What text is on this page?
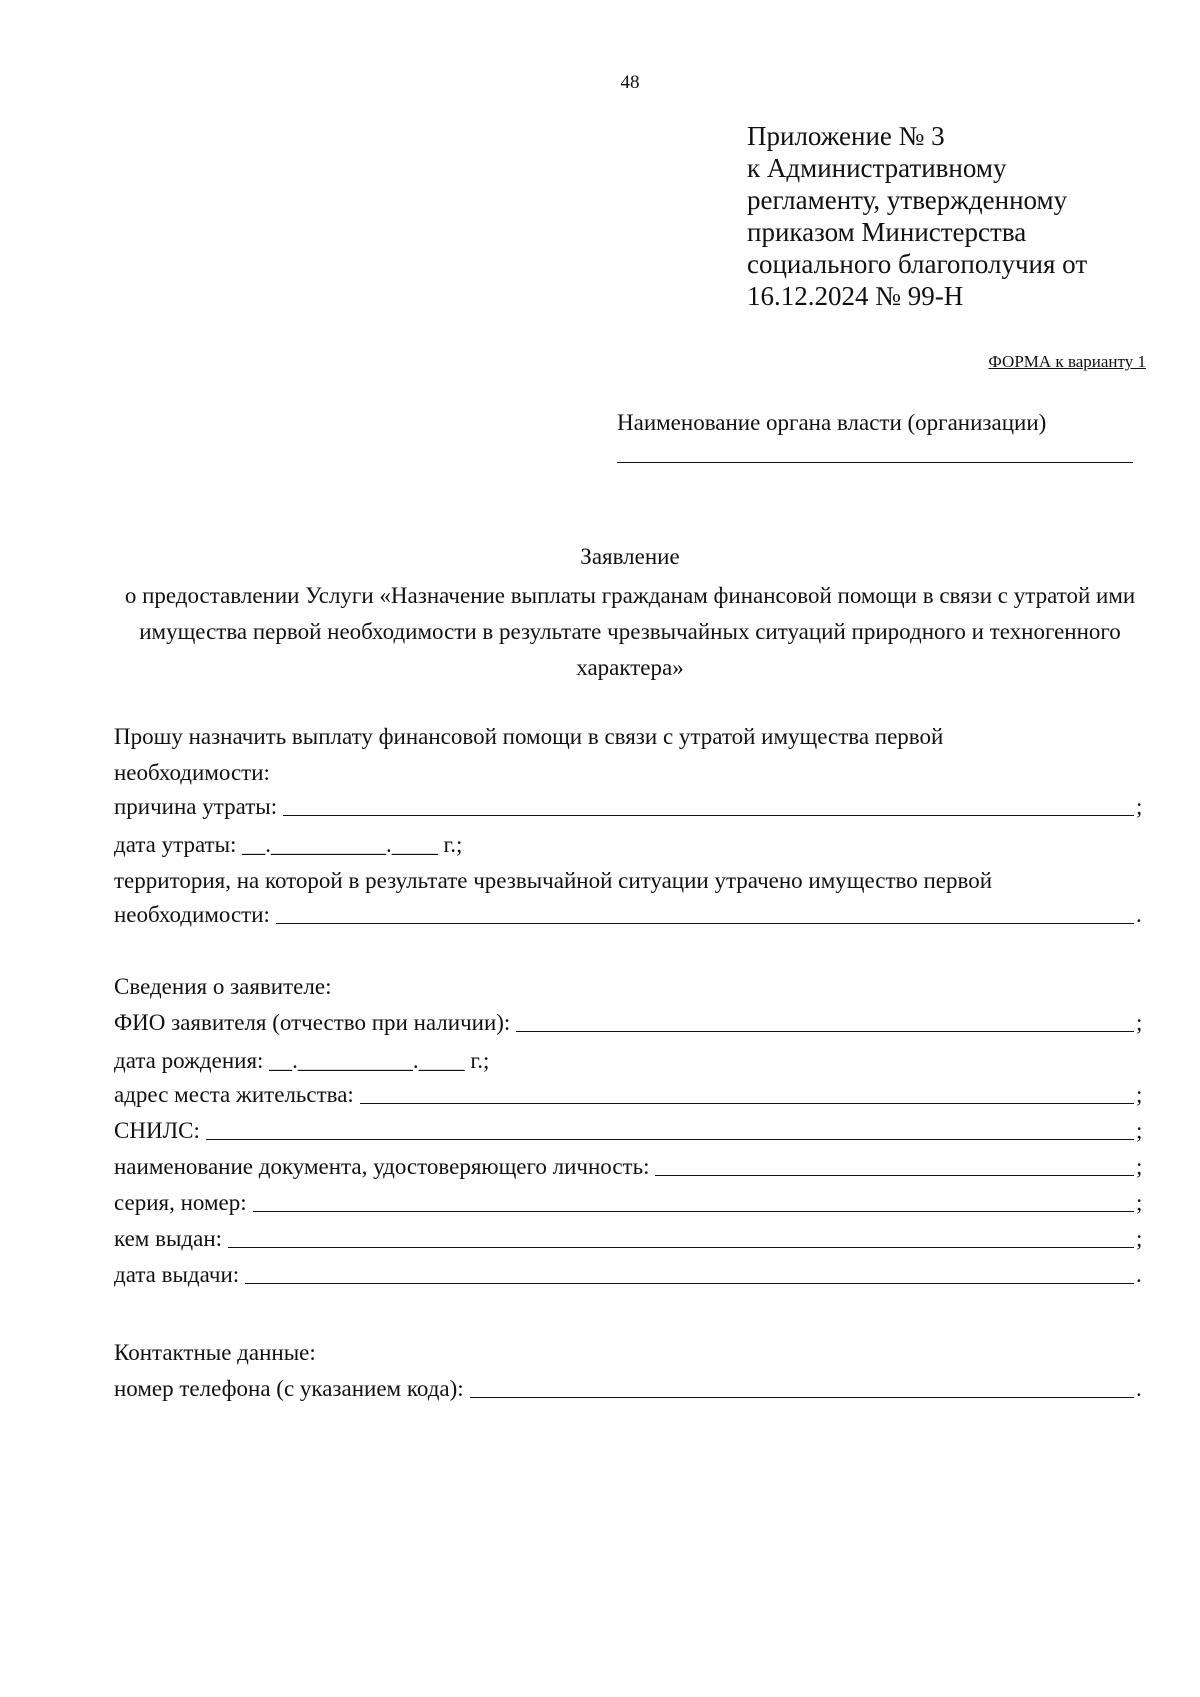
48
Приложение № 3
к Административному
регламенту, утвержденному
приказом Министерства
социального благополучия от
16.12.2024 № 99-Н
ФОРМА к варианту 1
Наименование органа власти (организации)
Заявление
о предоставлении Услуги «Назначение выплаты гражданам финансовой помощи в связи с утратой ими имущества первой необходимости в результате чрезвычайных ситуаций природного и техногенного характера»
Прошу назначить выплату финансовой помощи в связи с утратой имущества первой
необходимости:
причина утраты:	;
дата утраты: __.__________.____ г.;
территория, на которой в результате чрезвычайной ситуации утрачено имущество первой
необходимости:	.
Сведения о заявителе:
ФИО заявителя (отчество при наличии):	;
дата рождения: __.__________.____ г.;
адрес места жительства:	;
СНИЛС:	;
наименование документа, удостоверяющего личность:	;
серия, номер:	;
кем выдан:	;
дата выдачи:	.
Контактные данные:
номер телефона (с указанием кода):	.
